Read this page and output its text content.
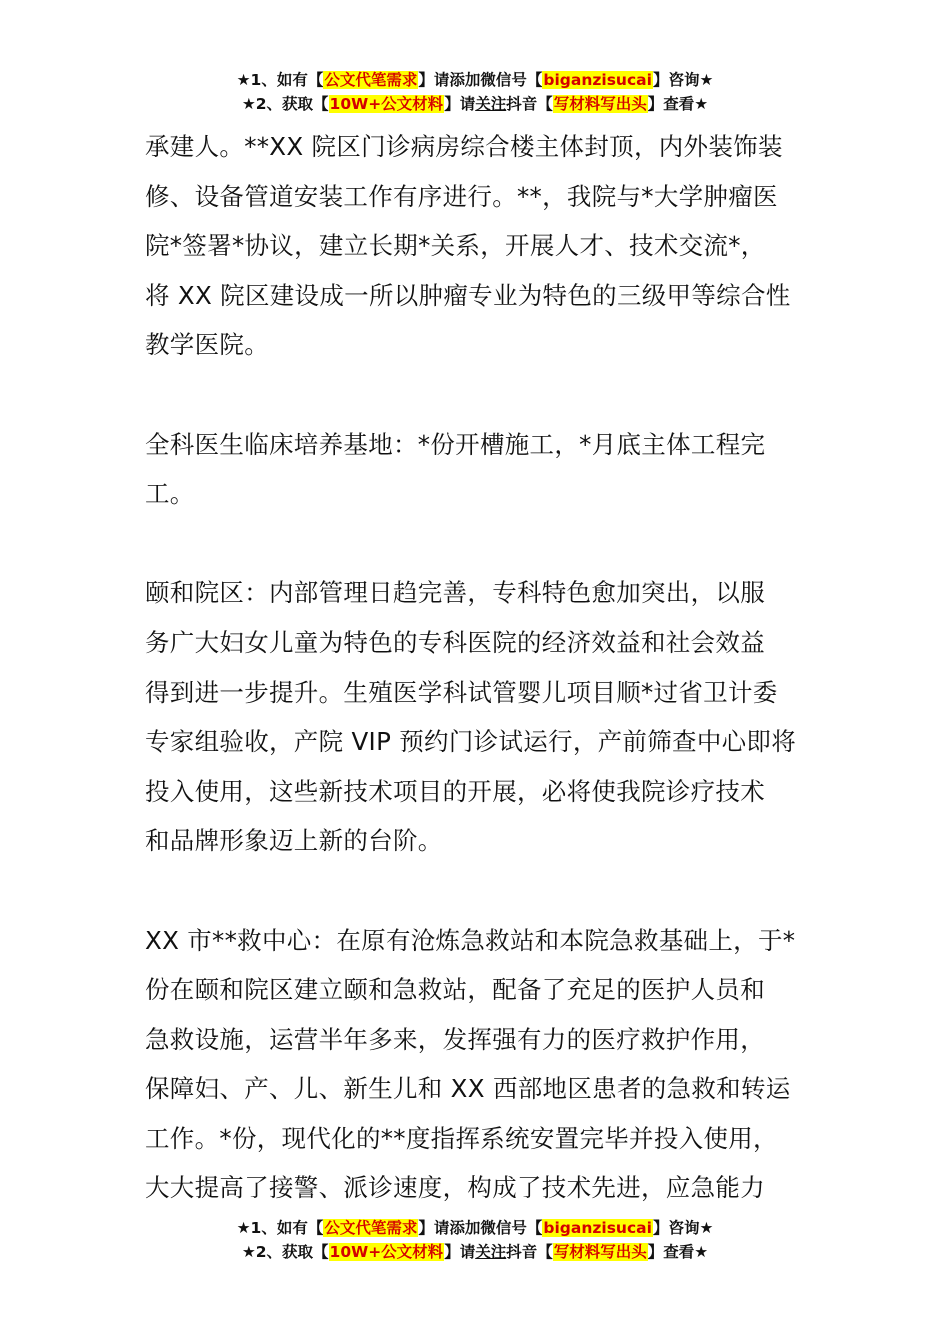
★1、如有【公文代笔需求】请添加微信号【biganzisucai】咨询★
★2、获取【10W+公文材料】请关注抖音【写材料写出头】查看★

承建人。**XX 院区门诊病房综合楼主体封顶，内外装饰装
修、设备管道安装工作有序进行。**，我院与*大学肿瘤医
院*签署*协议，建立长期*关系，开展人才、技术交流*，
将 XX 院区建设成一所以肿瘤专业为特色的三级甲等综合性
教学医院。

全科医生临床培养基地：*份开槽施工，*月底主体工程完
工。

颐和院区：内部管理日趋完善，专科特色愈加突出，以服
务广大妇女儿童为特色的专科医院的经济效益和社会效益
得到进一步提升。生殖医学科试管婴儿项目顺*过省卫计委
专家组验收，产院 VIP 预约门诊试运行，产前筛查中心即将
投入使用，这些新技术项目的开展，必将使我院诊疗技术
和品牌形象迈上新的台阶。

XX 市**救中心：在原有沧炼急救站和本院急救基础上，于*
份在颐和院区建立颐和急救站，配备了充足的医护人员和
急救设施，运营半年多来，发挥强有力的医疗救护作用，
保障妇、产、儿、新生儿和 XX 西部地区患者的急救和转运
工作。*份，现代化的**度指挥系统安置完毕并投入使用，
大大提高了接警、派诊速度，构成了技术先进，应急能力

★1、如有【公文代笔需求】请添加微信号【biganzisucai】咨询★
★2、获取【10W+公文材料】请关注抖音【写材料写出头】查看★
